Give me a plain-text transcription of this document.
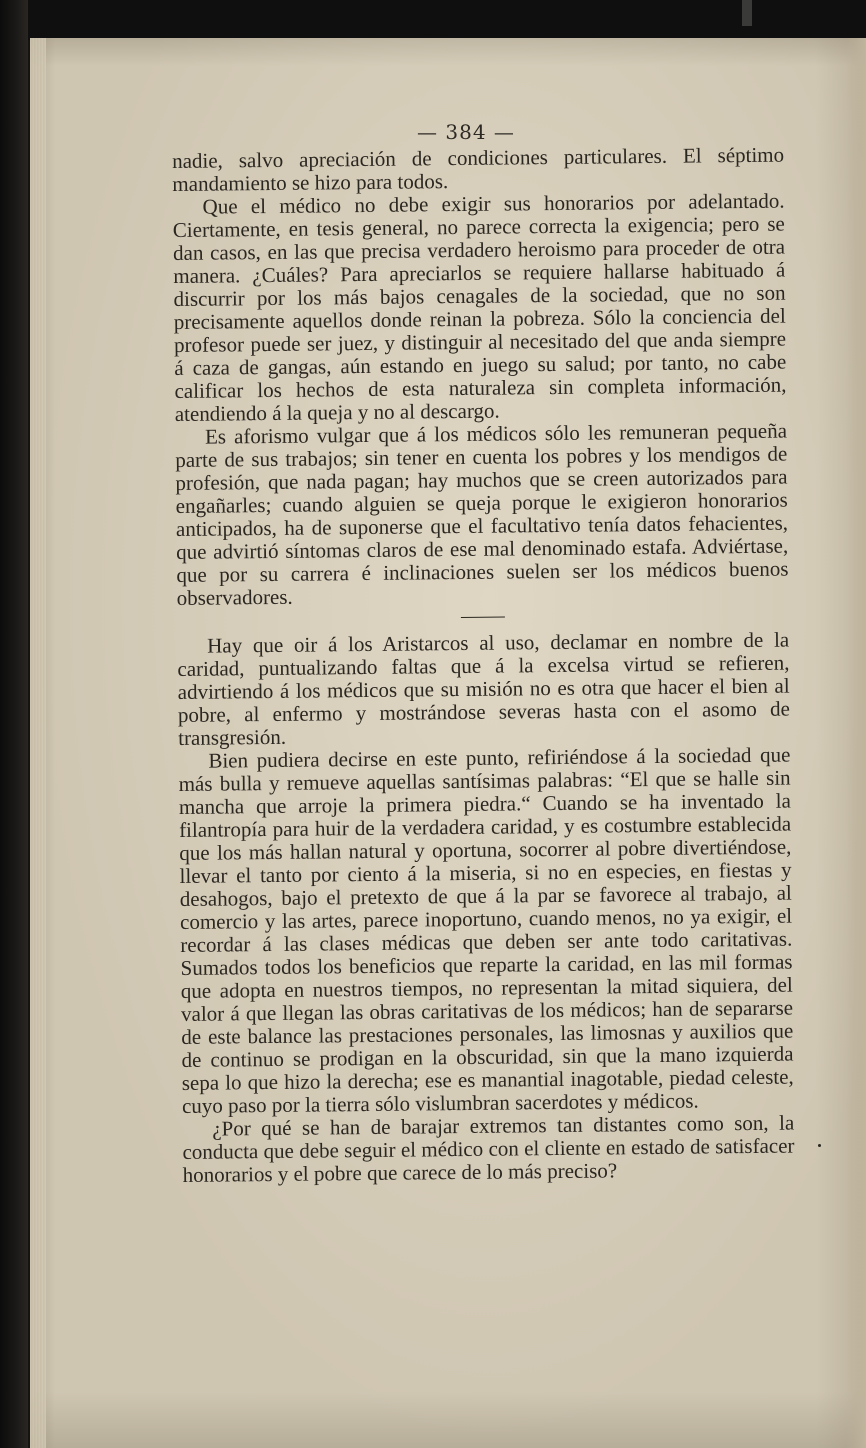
— 384 —

nadie, salvo apreciación de condiciones particulares. El séptimo mandamiento se hizo para todos.

Que el médico no debe exigir sus honorarios por adelantado. Ciertamente, en tesis general, no parece correcta la exigencia; pero se dan casos, en las que precisa verdadero heroismo para proceder de otra manera. ¿Cuáles? Para apreciarlos se requiere hallarse habituado á discurrir por los más bajos cenagales de la sociedad, que no son precisamente aquellos donde reinan la pobreza. Sólo la conciencia del profesor puede ser juez, y distinguir al necesitado del que anda siempre á caza de gangas, aún estando en juego su salud; por tanto, no cabe calificar los hechos de esta naturaleza sin completa información, atendiendo á la queja y no al descargo.

Es aforismo vulgar que á los médicos sólo les remuneran pequeña parte de sus trabajos; sin tener en cuenta los pobres y los mendigos de profesión, que nada pagan; hay muchos que se creen autorizados para engañarles; cuando alguien se queja porque le exigieron honorarios anticipados, ha de suponerse que el facultativo tenía datos fehacientes, que advirtió síntomas claros de ese mal denominado estafa. Adviértase, que por su carrera é inclinaciones suelen ser los médicos buenos observadores.

Hay que oir á los Aristarcos al uso, declamar en nombre de la caridad, puntualizando faltas que á la excelsa virtud se refieren, advirtiendo á los médicos que su misión no es otra que hacer el bien al pobre, al enfermo y mostrándose severas hasta con el asomo de transgresión.

Bien pudiera decirse en este punto, refiriéndose á la sociedad que más bulla y remueve aquellas santísimas palabras: “El que se halle sin mancha que arroje la primera piedra.“ Cuando se ha inventado la filantropía para huir de la verdadera caridad, y es costumbre establecida que los más hallan natural y oportuna, socorrer al pobre divertiéndose, llevar el tanto por ciento á la miseria, si no en especies, en fiestas y desahogos, bajo el pretexto de que á la par se favorece al trabajo, al comercio y las artes, parece inoportuno, cuando menos, no ya exigir, el recordar á las clases médicas que deben ser ante todo caritativas. Sumados todos los beneficios que reparte la caridad, en las mil formas que adopta en nuestros tiempos, no representan la mitad siquiera, del valor á que llegan las obras caritativas de los médicos; han de separarse de este balance las prestaciones personales, las limosnas y auxilios que de continuo se prodigan en la obscuridad, sin que la mano izquierda sepa lo que hizo la derecha; ese es manantial inagotable, piedad celeste, cuyo paso por la tierra sólo vislumbran sacerdotes y médicos.

¿Por qué se han de barajar extremos tan distantes como son, la conducta que debe seguir el médico con el cliente en estado de satisfacer honorarios y el pobre que carece de lo más preciso?
